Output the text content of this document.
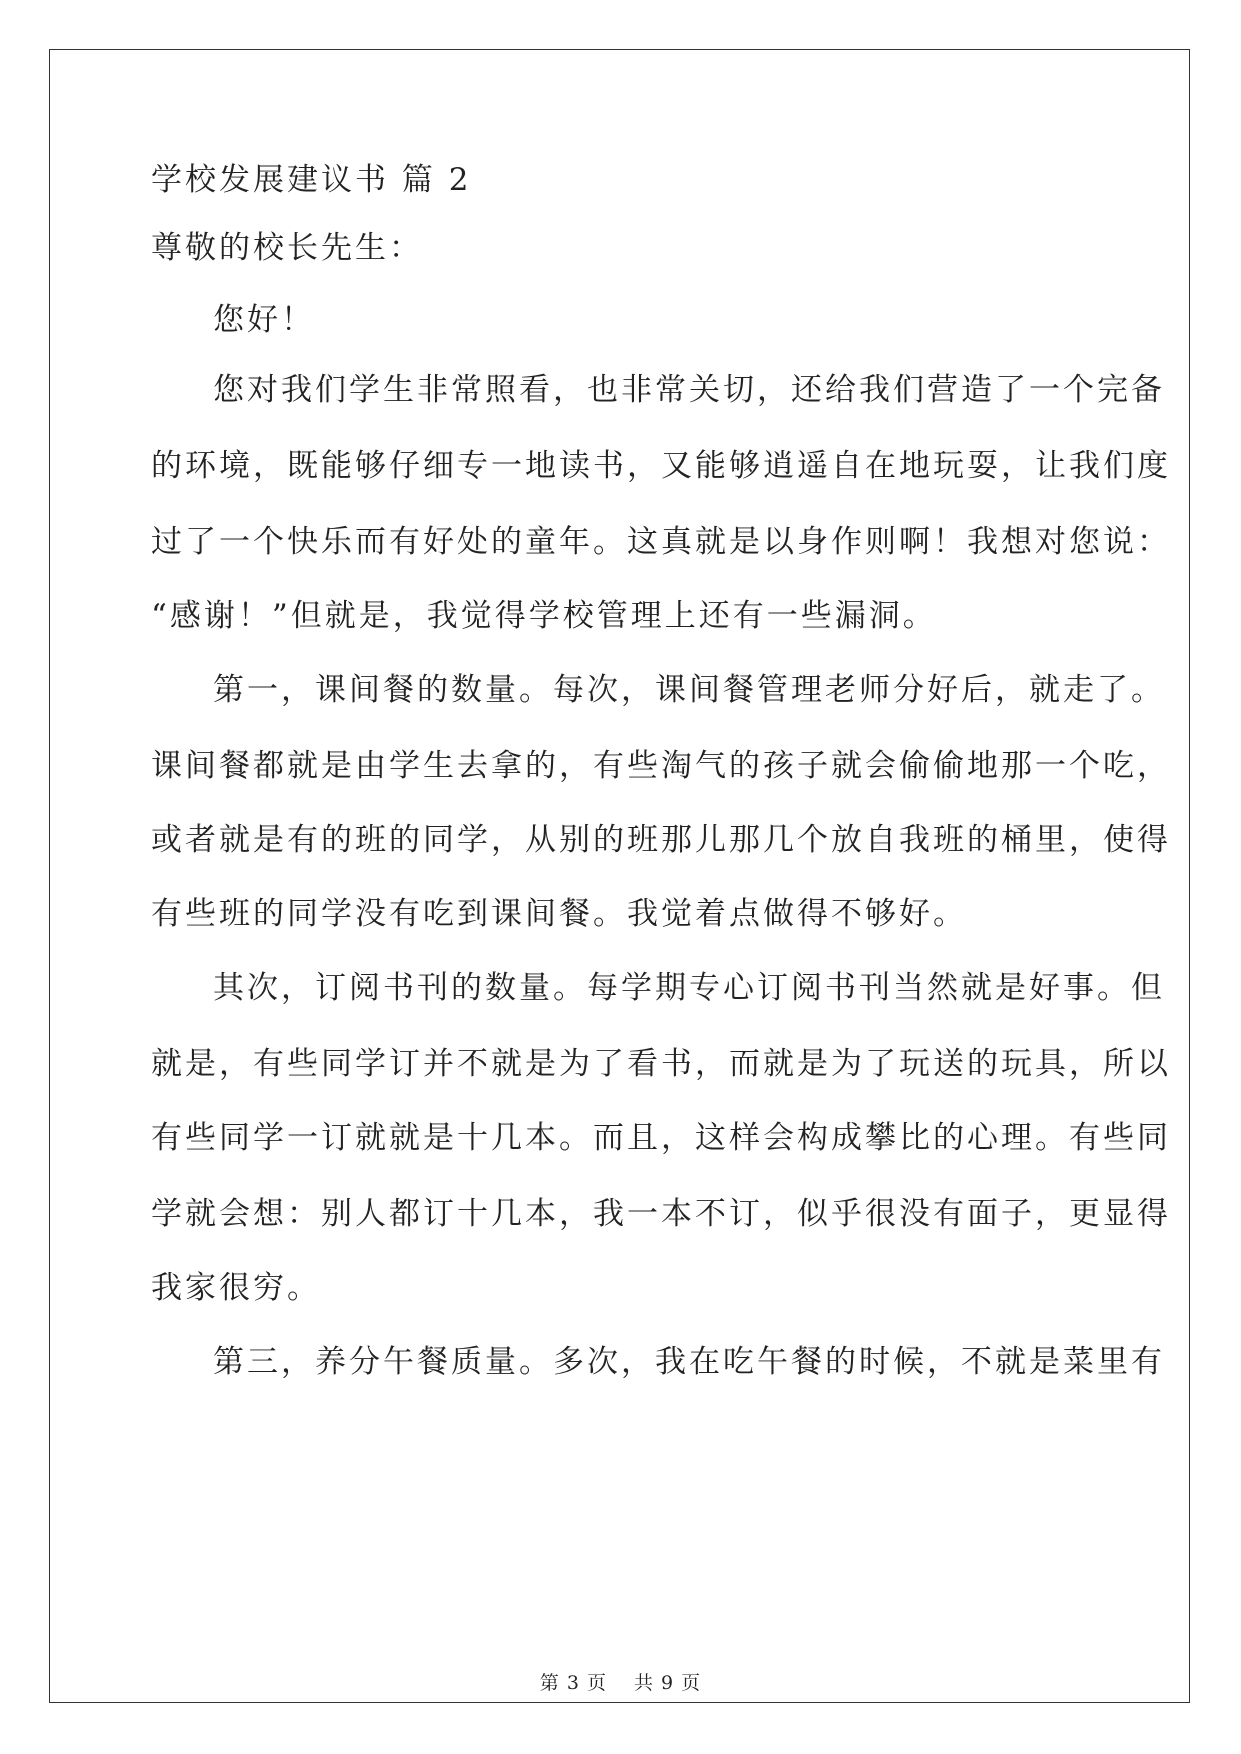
学校发展建议书 篇 2
尊敬的校长先生：
您好！
您对我们学生非常照看，也非常关切，还给我们营造了一个完备
的环境，既能够仔细专一地读书，又能够逍遥自在地玩耍，让我们度
过了一个快乐而有好处的童年。这真就是以身作则啊！我想对您说：
“感谢！”但就是，我觉得学校管理上还有一些漏洞。
第一，课间餐的数量。每次，课间餐管理老师分好后，就走了。
课间餐都就是由学生去拿的，有些淘气的孩子就会偷偷地那一个吃，
或者就是有的班的同学，从别的班那儿那几个放自我班的桶里，使得
有些班的同学没有吃到课间餐。我觉着点做得不够好。
其次，订阅书刊的数量。每学期专心订阅书刊当然就是好事。但
就是，有些同学订并不就是为了看书，而就是为了玩送的玩具，所以
有些同学一订就就是十几本。而且，这样会构成攀比的心理。有些同
学就会想：别人都订十几本，我一本不订，似乎很没有面子，更显得
我家很穷。
第三，养分午餐质量。多次，我在吃午餐的时候，不就是菜里有
第 3 页 共 9 页
